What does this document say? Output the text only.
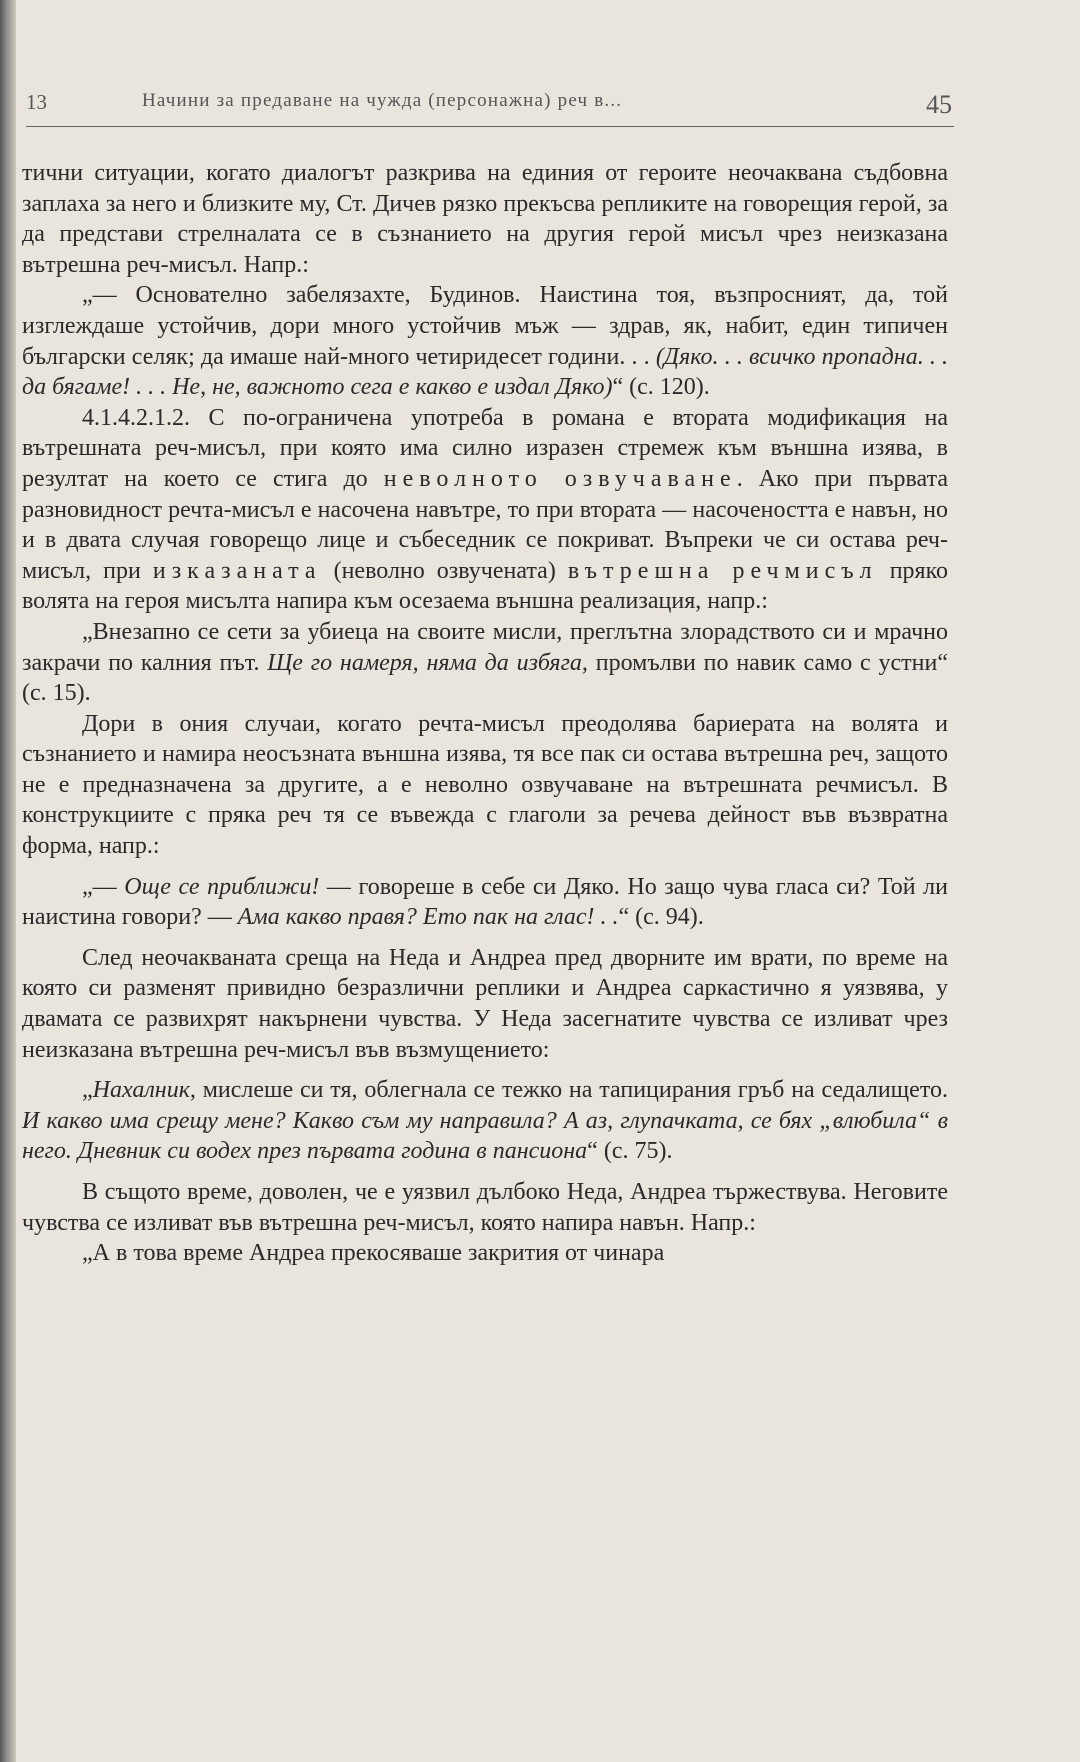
13	Начини за предаване на чужда (персонажна) реч в...	45

тични ситуации, когато диалогът разкрива на единия от героите неочаквана съдбовна заплаха за него и близките му, Ст. Дичев рязко прекъсва репликите на говорещия герой, за да представи стрелналата се в съзнанието на другия герой мисъл чрез неизказана вътрешна реч-мисъл. Напр.:

„— Основателно забелязахте, Будинов. Наистина тоя, възпросният, да, той изглеждаше устойчив, дори много устойчив мъж — здрав, як, набит, един типичен български селяк; да имаше най-много четиридесет години. . . (Дяко. . . всичко пропадна. . . да бягаме! . . . Не, не, важното сега е какво е издал Дяко)“ (с. 120).

4.1.4.2.1.2. С по-ограничена употреба в романа е втората модификация на вътрешната реч-мисъл, при която има силно изразен стремеж към външна изява, в резултат на което се стига до неволното озвучаване. Ако при първата разновидност речта-мисъл е насочена навътре, то при втората — насочеността е навън, но и в двата случая говорещо лице и събеседник се покриват. Въпреки че си остава реч-мисъл, при изказаната (неволно озвучената) вътрешна речмисъл пряко волята на героя мисълта напира към осезаема външна реализация, напр.:

„Внезапно се сети за убиеца на своите мисли, преглътна злорадството си и мрачно закрачи по калния път. Ще го намеря, няма да избяга, промълви по навик само с устни“ (с. 15).

Дори в ония случаи, когато речта-мисъл преодолява бариерата на волята и съзнанието и намира неосъзната външна изява, тя все пак си остава вътрешна реч, защото не е предназначена за другите, а е неволно озвучаване на вътрешната речмисъл. В конструкциите с пряка реч тя се въвежда с глаголи за речева дейност във възвратна форма, напр.:

„— Още се приближи! — говореше в себе си Дяко. Но защо чува гласа си? Той ли наистина говори? — Ама какво правя? Ето пак на глас! . .“ (с. 94).

След неочакваната среща на Неда и Андреа пред дворните им врати, по време на която си разменят привидно безразлични реплики и Андреа саркастично я уязвява, у двамата се развихрят накърнени чувства. У Неда засегнатите чувства се изливат чрез неизказана вътрешна реч-мисъл във възмущението:

„Нахалник, мислеше си тя, облегнала се тежко на тапицирания гръб на седалището. И какво има срещу мене? Какво съм му направила? А аз, глупачката, се бях „влюбила“ в него. Дневник си водех през първата година в пансиона“ (с. 75).

В същото време, доволен, че е уязвил дълбоко Неда, Андреа тържествува. Неговите чувства се изливат във вътрешна реч-мисъл, която напира навън. Напр.:

„А в това време Андреа прекосяваше закрития от чинара
